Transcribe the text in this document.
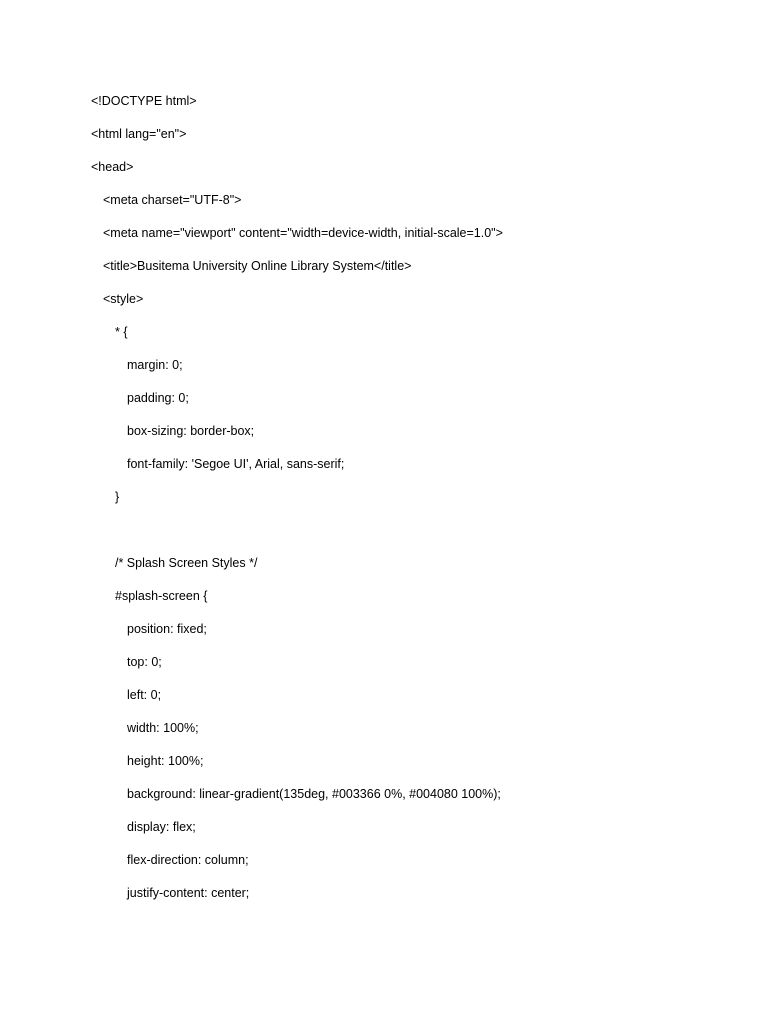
<!DOCTYPE html>
<html lang="en">
<head>
<meta charset="UTF-8">
<meta name="viewport" content="width=device-width, initial-scale=1.0">
<title>Busitema University Online Library System</title>
<style>
* {
margin: 0;
padding: 0;
box-sizing: border-box;
font-family: 'Segoe UI', Arial, sans-serif;
}
/* Splash Screen Styles */
#splash-screen {
position: fixed;
top: 0;
left: 0;
width: 100%;
height: 100%;
background: linear-gradient(135deg, #003366 0%, #004080 100%);
display: flex;
flex-direction: column;
justify-content: center;
